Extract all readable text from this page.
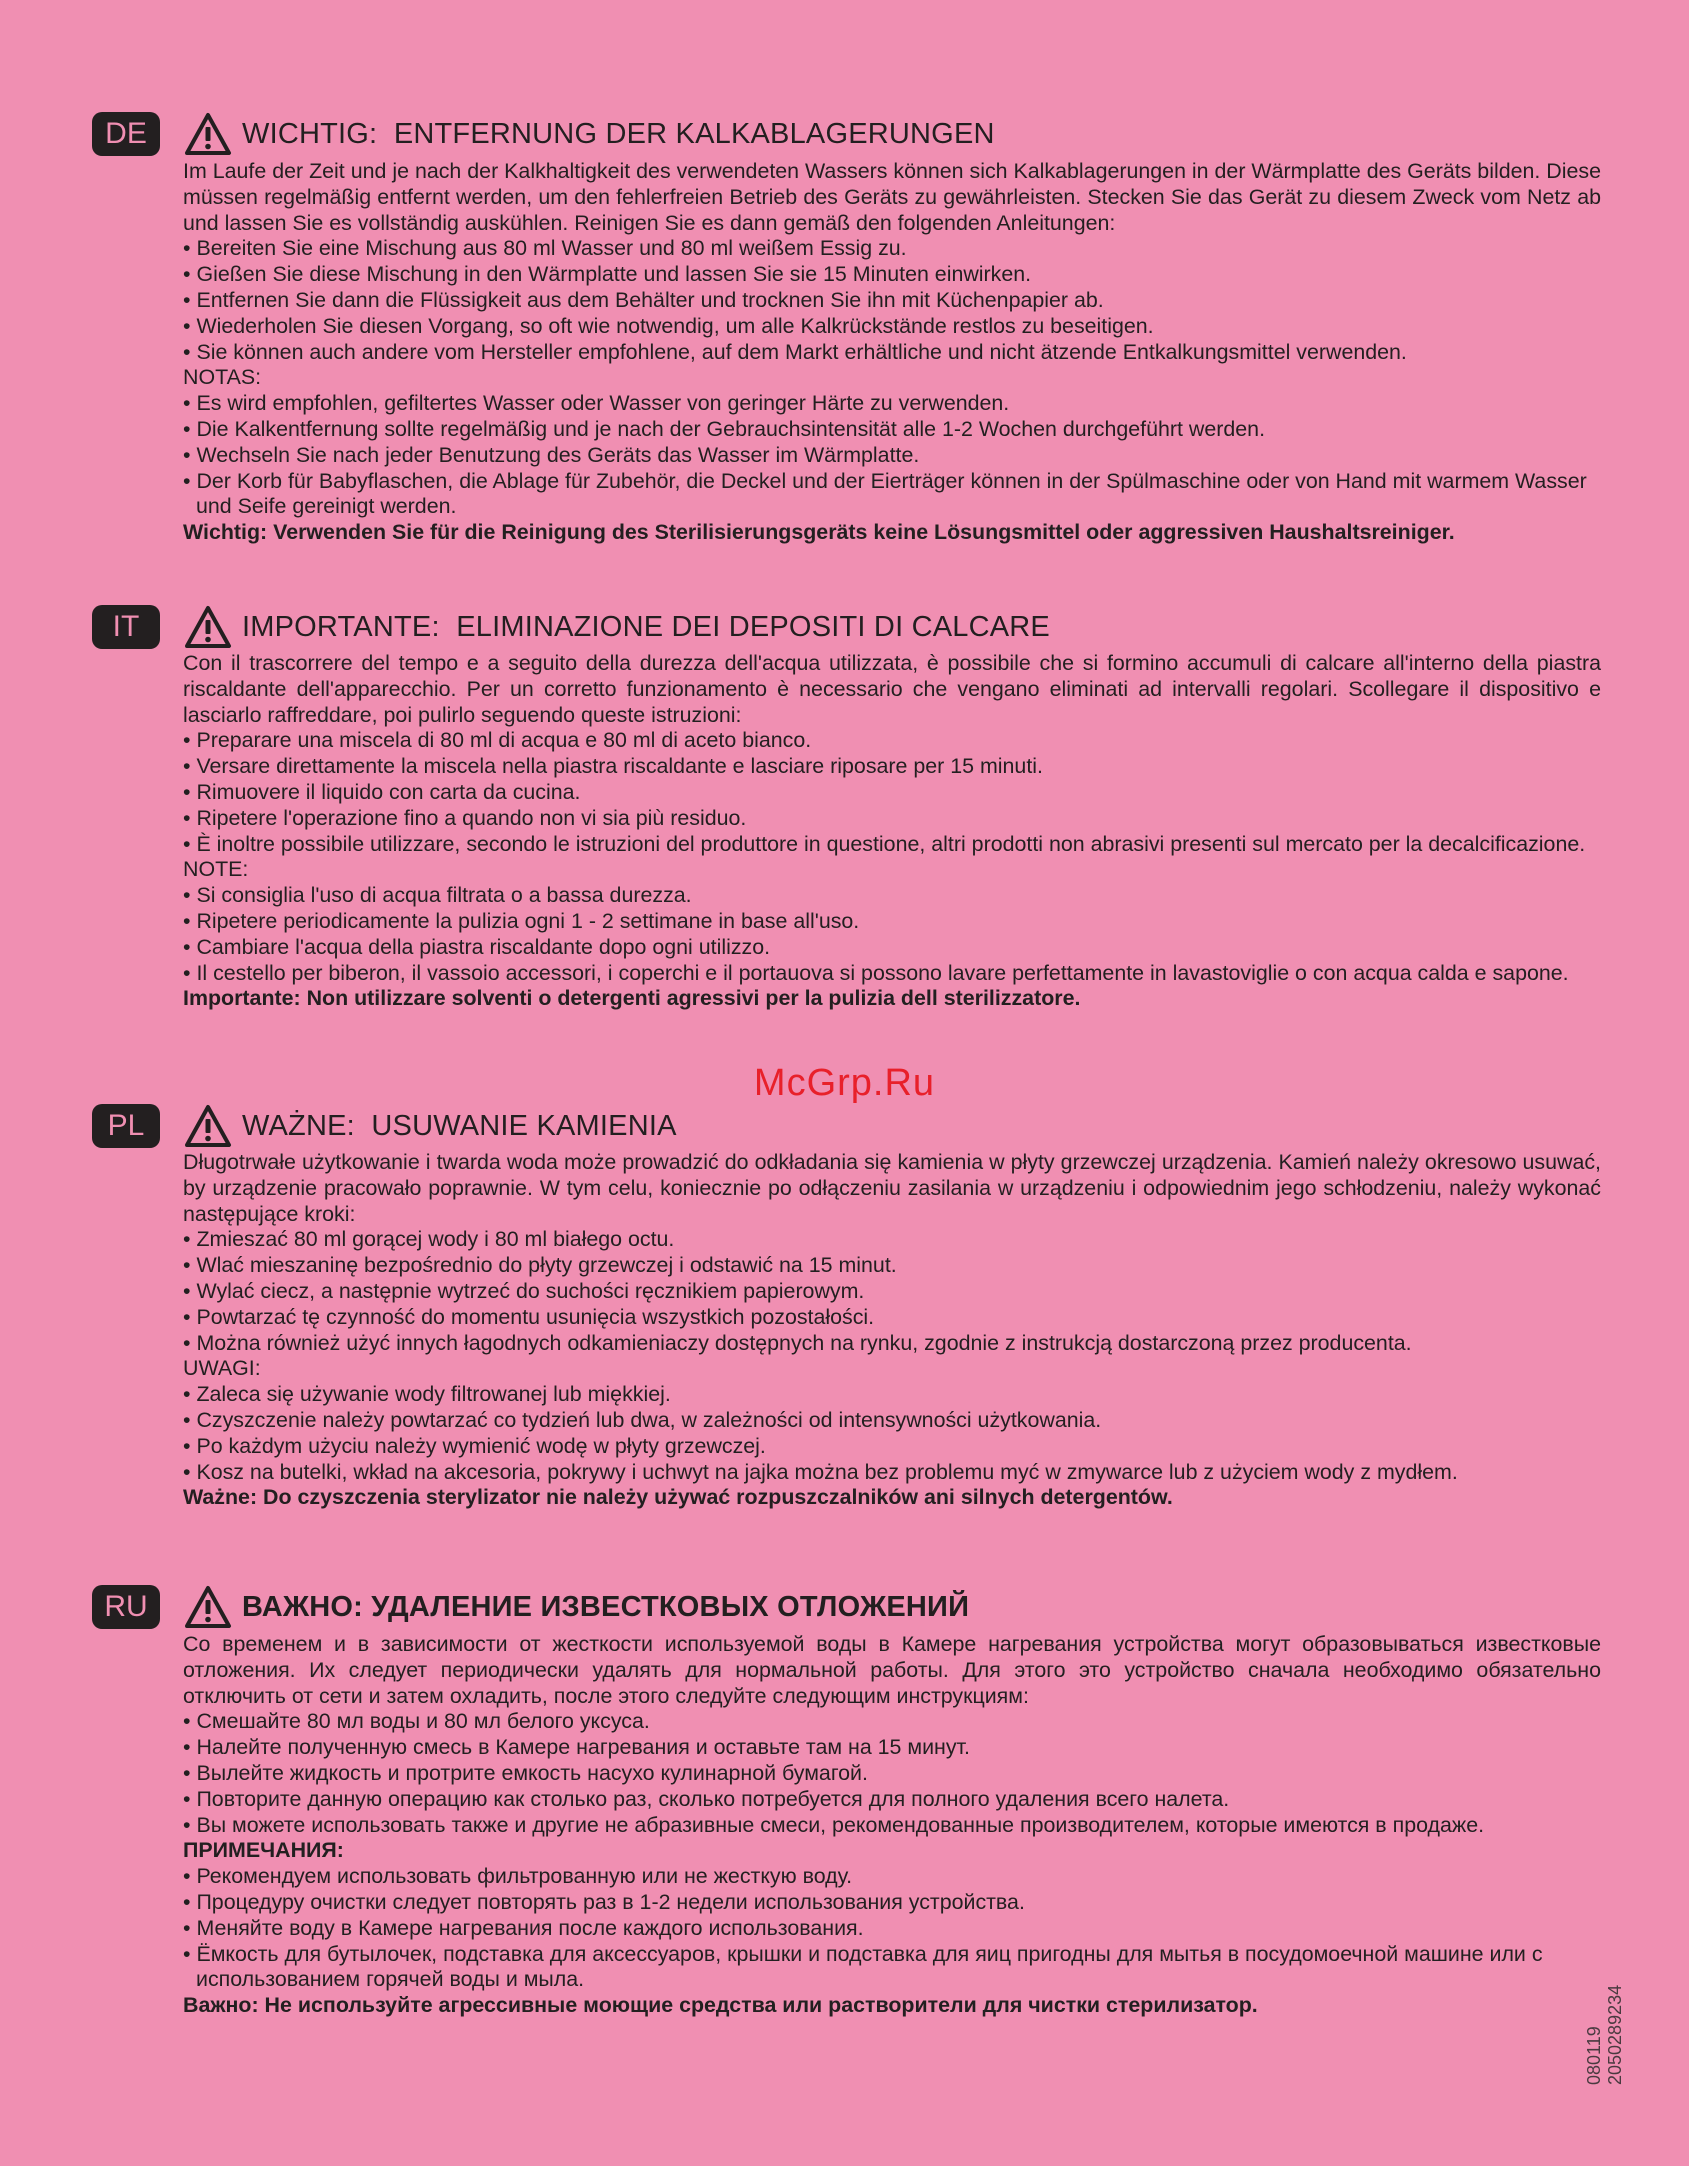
DE	WICHTIG:  ENTFERNUNG DER KALKABLAGERUNGEN

Im Laufe der Zeit und je nach der Kalkhaltigkeit des verwendeten Wassers können sich Kalkablagerungen in der Wärmplatte des Geräts bilden. Diese müssen regelmäßig entfernt werden, um den fehlerfreien Betrieb des Geräts zu gewährleisten. Stecken Sie das Gerät zu diesem Zweck vom Netz ab und lassen Sie es vollständig auskühlen. Reinigen Sie es dann gemäß den folgenden Anleitungen:

• Bereiten Sie eine Mischung aus 80 ml Wasser und 80 ml weißem Essig zu.
• Gießen Sie diese Mischung in den Wärmplatte und lassen Sie sie 15 Minuten einwirken.
• Entfernen Sie dann die Flüssigkeit aus dem Behälter und trocknen Sie ihn mit Küchenpapier ab.
• Wiederholen Sie diesen Vorgang, so oft wie notwendig, um alle Kalkrückstände restlos zu beseitigen.
• Sie können auch andere vom Hersteller empfohlene, auf dem Markt erhältliche und nicht ätzende Entkalkungsmittel verwenden.

NOTAS:

• Es wird empfohlen, gefiltertes Wasser oder Wasser von geringer Härte zu verwenden.
• Die Kalkentfernung sollte regelmäßig und je nach der Gebrauchsintensität alle 1-2 Wochen durchgeführt werden.
• Wechseln Sie nach jeder Benutzung des Geräts das Wasser im Wärmplatte.
• Der Korb für Babyflaschen, die Ablage für Zubehör, die Deckel und der Eierträger können in der Spülmaschine oder von Hand mit warmem Wasser und Seife gereinigt werden.

Wichtig: Verwenden Sie für die Reinigung des Sterilisierungsgeräts keine Lösungsmittel oder aggressiven Haushaltsreiniger.

IT	IMPORTANTE:  ELIMINAZIONE DEI DEPOSITI DI CALCARE

Con il trascorrere del tempo e a seguito della durezza dell'acqua utilizzata, è possibile che si formino accumuli di calcare all'interno della piastra riscaldante dell'apparecchio. Per un corretto funzionamento è necessario che vengano eliminati ad intervalli regolari. Scollegare il dispositivo e lasciarlo raffreddare, poi pulirlo seguendo queste istruzioni:

• Preparare una miscela di 80 ml di acqua e 80 ml di aceto bianco.
• Versare direttamente la miscela nella piastra riscaldante e lasciare riposare per 15 minuti.
• Rimuovere il liquido con carta da cucina.
• Ripetere l'operazione fino a quando non vi sia più residuo.
• È inoltre possibile utilizzare, secondo le istruzioni del produttore in questione, altri prodotti non abrasivi presenti sul mercato per la decalcificazione.

NOTE:

• Si consiglia l'uso di acqua filtrata o a bassa durezza.
• Ripetere periodicamente la pulizia ogni 1 - 2 settimane in base all'uso.
• Cambiare l'acqua della piastra riscaldante dopo ogni utilizzo.
• Il cestello per biberon, il vassoio accessori, i coperchi e il portauova si possono lavare perfettamente in lavastoviglie o con acqua calda e sapone.

Importante: Non utilizzare solventi o detergenti agressivi per la pulizia dell sterilizzatore.

McGrp.Ru
PL	WAŻNE:  USUWANIE KAMIENIA

Długotrwałe użytkowanie i twarda woda może prowadzić do odkładania się kamienia w płyty grzewczej urządzenia. Kamień należy okresowo usuwać, by urządzenie pracowało poprawnie. W tym celu, koniecznie po odłączeniu zasilania w urządzeniu i odpowiednim jego schłodzeniu, należy wykonać następujące kroki:

• Zmieszać 80 ml gorącej wody i 80 ml białego octu.
• Wlać mieszaninę bezpośrednio do płyty grzewczej i odstawić na 15 minut.
• Wylać ciecz, a następnie wytrzeć do suchości ręcznikiem papierowym.
• Powtarzać tę czynność do momentu usunięcia wszystkich pozostałości.
• Można również użyć innych łagodnych odkamieniaczy dostępnych na rynku, zgodnie z instrukcją dostarczoną przez producenta.

UWAGI:

• Zaleca się używanie wody filtrowanej lub miękkiej.
• Czyszczenie należy powtarzać co tydzień lub dwa, w zależności od intensywności użytkowania.
• Po każdym użyciu należy wymienić wodę w płyty grzewczej.
• Kosz na butelki, wkład na akcesoria, pokrywy i uchwyt na jajka można bez problemu myć w zmywarce lub z użyciem wody z mydłem.

Ważne: Do czyszczenia sterylizator nie należy używać rozpuszczalników ani silnych detergentów.

RU	ВАЖНО: УДАЛЕНИЕ ИЗВЕСТКОВЫХ ОТЛОЖЕНИЙ

Со временем и в зависимости от жесткости используемой воды в Камере нагревания устройства могут образовываться известковые отложения. Их следует периодически удалять для нормальной работы. Для этого это устройство сначала необходимо обязательно отключить от сети и затем охладить, после этого следуйте следующим инструкциям:

• Смешайте 80 мл воды и 80 мл белого уксуса.
• Налейте полученную смесь в Камере нагревания и оставьте там на 15 минут.
• Вылейте жидкость и протрите емкость насухо кулинарной бумагой.
• Повторите данную операцию как столько раз, сколько потребуется для полного удаления всего налета.
• Вы можете использовать также и другие не абразивные смеси, рекомендованные производителем, которые имеются в продаже.

ПРИМЕЧАНИЯ:

• Рекомендуем использовать фильтрованную или не жесткую воду.
• Процедуру очистки следует повторять раз в 1-2 недели использования устройства.
• Меняйте воду в Камере нагревания после каждого использования.
• Ёмкость для бутылочек, подставка для аксессуаров, крышки и подставка для яиц пригодны для мытья в посудомоечной машине или с использованием горячей воды и мыла.

Важно: Не используйте агрессивные моющие средства или растворители для чистки стерилизатор.

080119 2050289234
